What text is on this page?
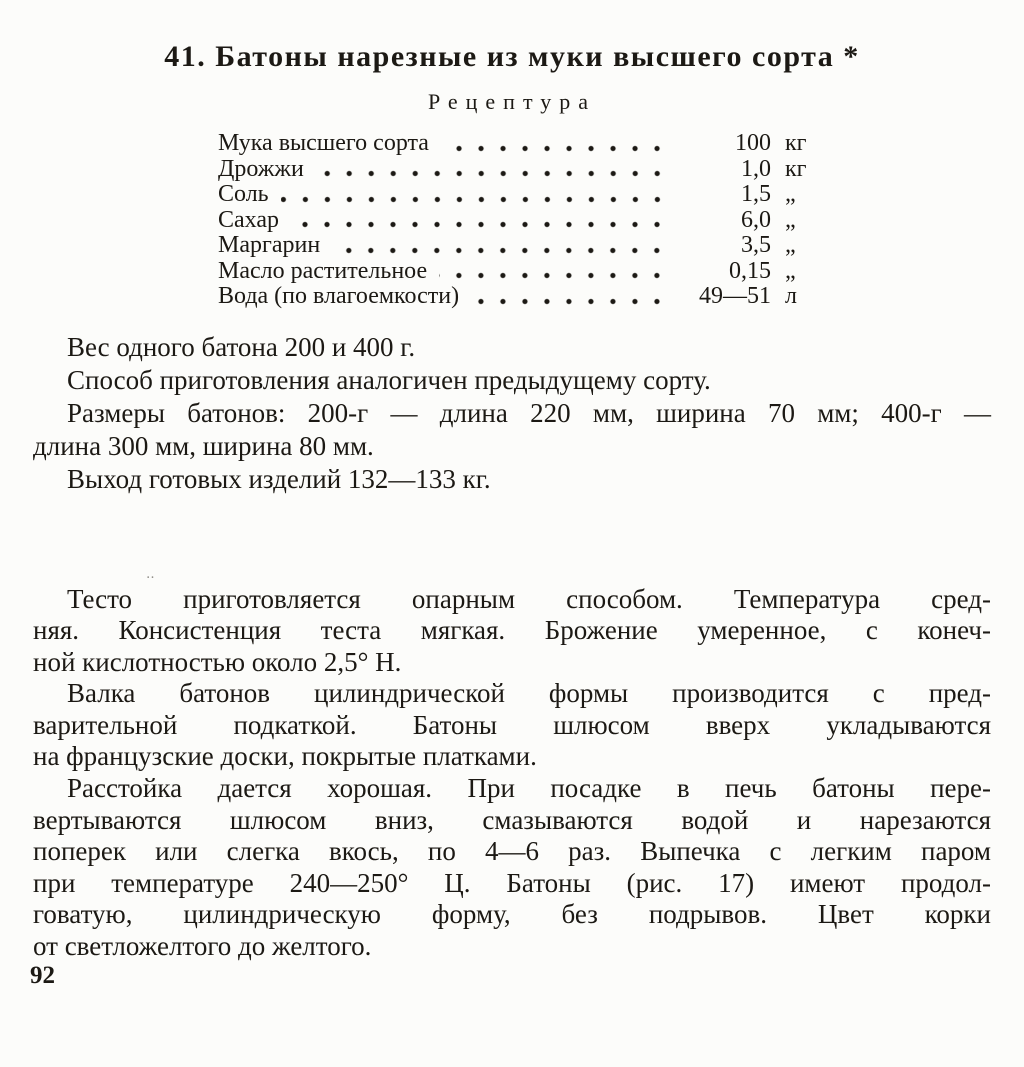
41. Батоны нарезные из муки высшего сорта *
Рецептура
Мука высшего сорта	100 кг
Дрожжи	1,0 кг
Соль	1,5 „
Сахар	6,0 „
Маргарин	3,5 „
Масло растительное	0,15 „
Вода (по влагоемкости)	49—51 л
Вес одного батона 200 и 400 г.
Способ приготовления аналогичен предыдущему сорту.
Размеры батонов: 200-г — длина 220 мм, ширина 70 мм; 400-г —
длина 300 мм, ширина 80 мм.
Выход готовых изделий 132—133 кг.
Тесто приготовляется опарным способом. Температура сред-
няя. Консистенция теста мягкая. Брожение умеренное, с конеч-
ной кислотностью около 2,5° Н.
Валка батонов цилиндрической формы производится с пред-
варительной подкаткой. Батоны шлюсом вверх укладываются
на французские доски, покрытые платками.
Расстойка дается хорошая. При посадке в печь батоны пере-
вертываются шлюсом вниз, смазываются водой и нарезаются
поперек или слегка вкось, по 4—6 раз. Выпечка с легким паром
при температуре 240—250° Ц. Батоны (рис. 17) имеют продол-
говатую, цилиндрическую форму, без подрывов. Цвет корки
от светложелтого до желтого.
‥
92
